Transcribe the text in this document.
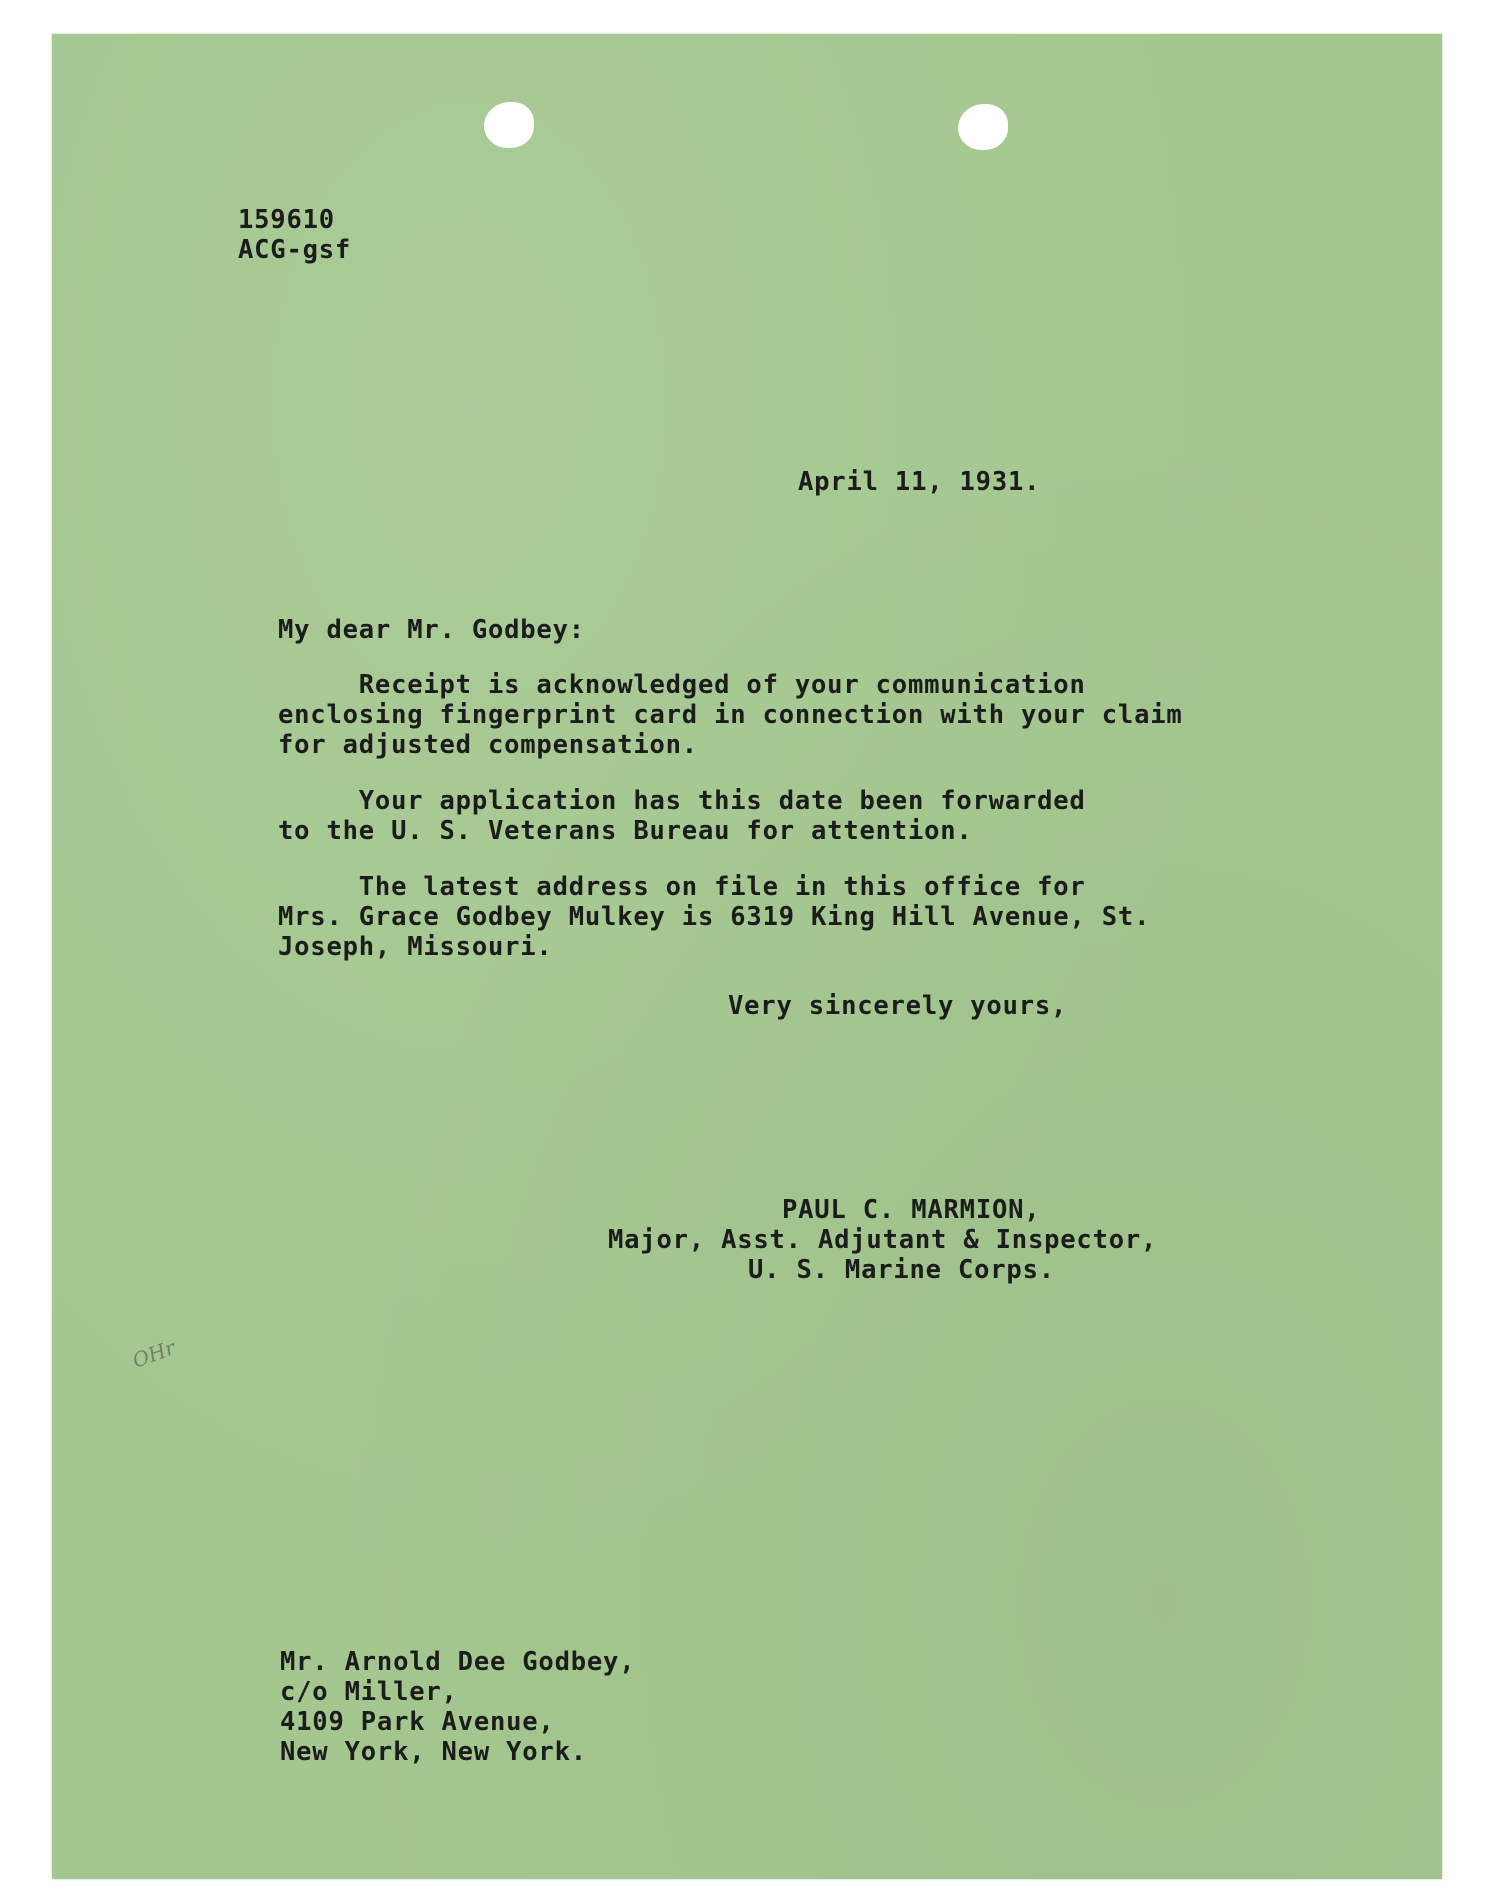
159610
ACG-gsf
April 11, 1931.
My dear Mr. Godbey:
Receipt is acknowledged of your communication
enclosing fingerprint card in connection with your claim
for adjusted compensation.
Your application has this date been forwarded
to the U. S. Veterans Bureau for attention.
The latest address on file in this office for
Mrs. Grace Godbey Mulkey is 6319 King Hill Avenue, St.
Joseph, Missouri.
Very sincerely yours,
PAUL C. MARMION,
Major, Asst. Adjutant & Inspector,
U. S. Marine Corps.
OHr
Mr. Arnold Dee Godbey,
c/o Miller,
4109 Park Avenue,
New York, New York.
